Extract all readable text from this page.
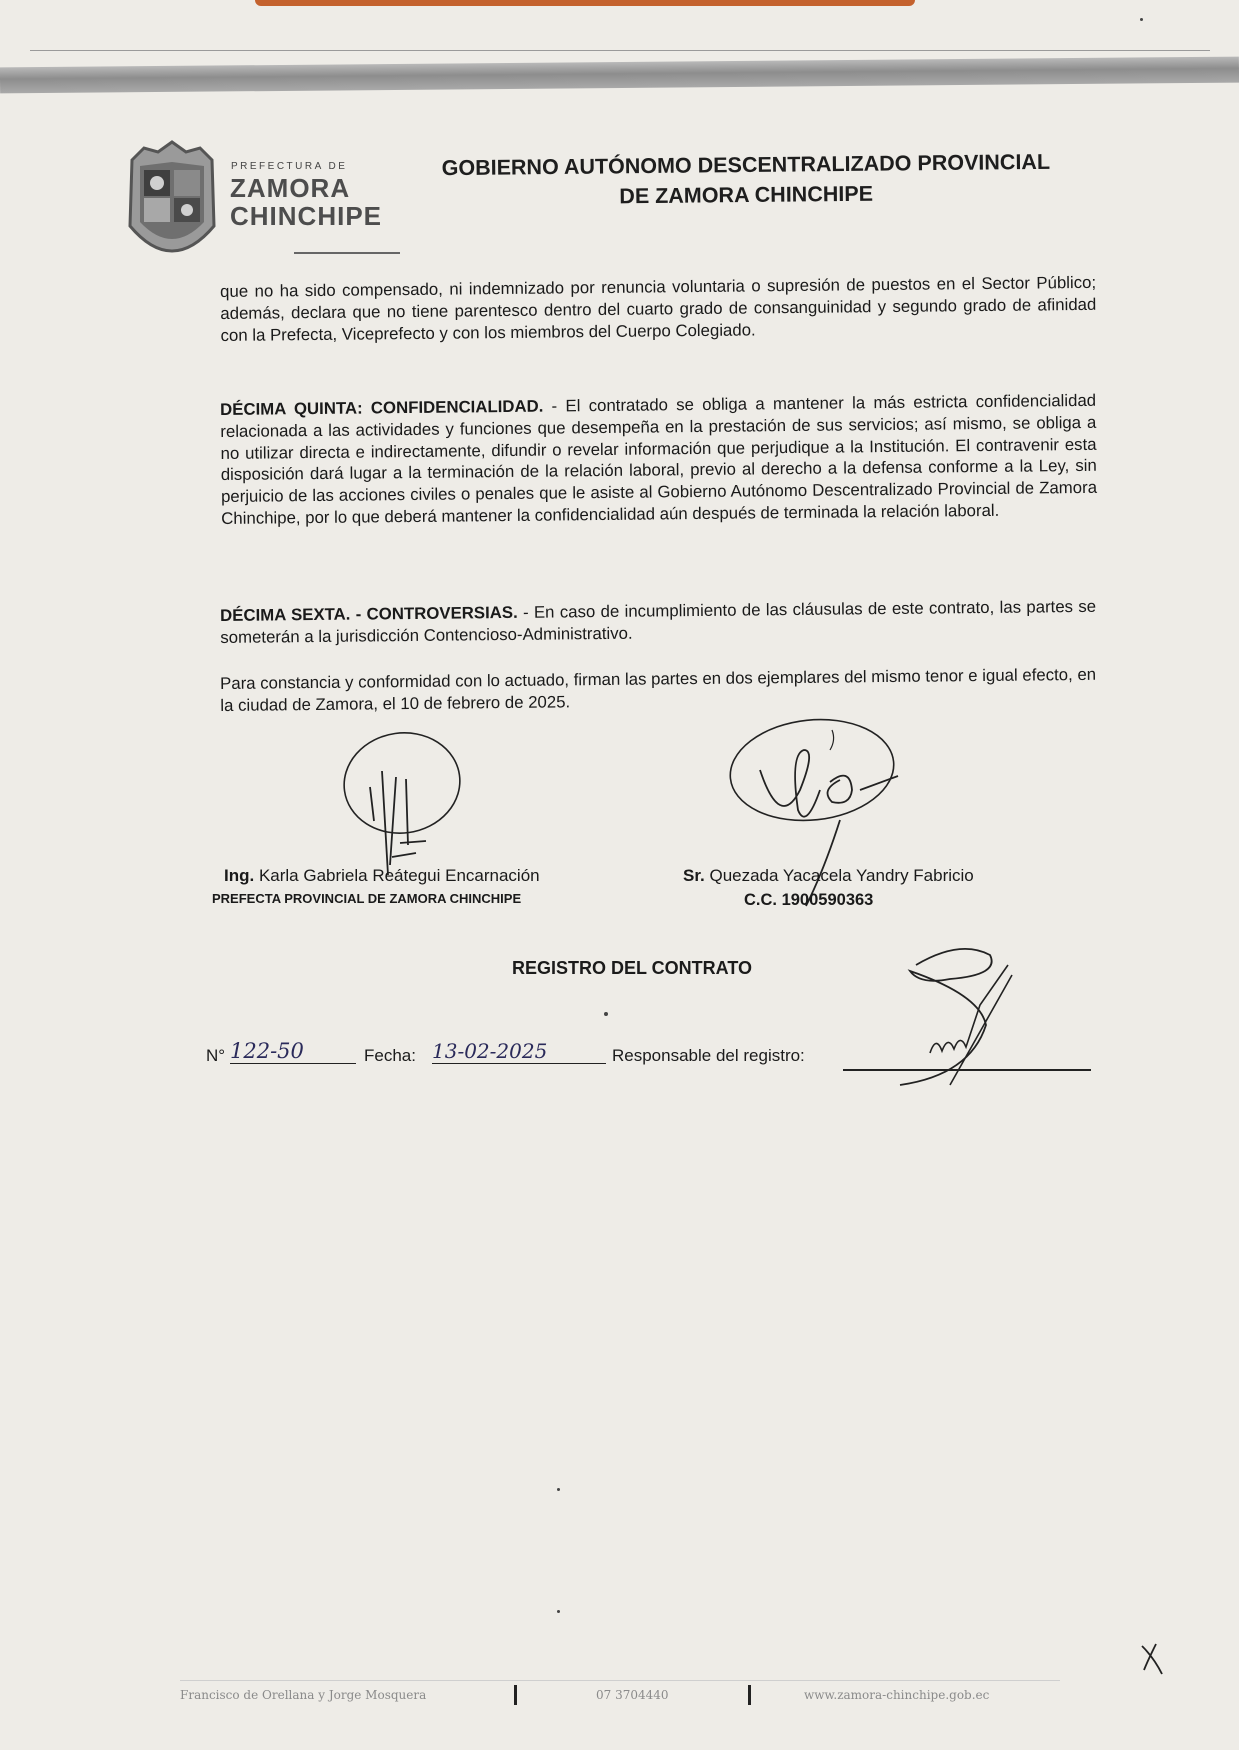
PREFECTURA DE
ZAMORA
CHINCHIPE
GOBIERNO AUTÓNOMO DESCENTRALIZADO PROVINCIAL
DE ZAMORA CHINCHIPE
que no ha sido compensado, ni indemnizado por renuncia voluntaria o supresión de puestos en el Sector Público; además, declara que no tiene parentesco dentro del cuarto grado de consanguinidad y segundo grado de afinidad con la Prefecta, Viceprefecto y con los miembros del Cuerpo Colegiado.
DÉCIMA QUINTA: CONFIDENCIALIDAD. - El contratado se obliga a mantener la más estricta confidencialidad relacionada a las actividades y funciones que desempeña en la prestación de sus servicios; así mismo, se obliga a no utilizar directa e indirectamente, difundir o revelar información que perjudique a la Institución. El contravenir esta disposición dará lugar a la terminación de la relación laboral, previo al derecho a la defensa conforme a la Ley, sin perjuicio de las acciones civiles o penales que le asiste al Gobierno Autónomo Descentralizado Provincial de Zamora Chinchipe, por lo que deberá mantener la confidencialidad aún después de terminada la relación laboral.
DÉCIMA SEXTA. - CONTROVERSIAS. - En caso de incumplimiento de las cláusulas de este contrato, las partes se someterán a la jurisdicción Contencioso-Administrativo.
Para constancia y conformidad con lo actuado, firman las partes en dos ejemplares del mismo tenor e igual efecto, en la ciudad de Zamora, el 10 de febrero de 2025.
Ing. Karla Gabriela Reátegui Encarnación
PREFECTA PROVINCIAL DE ZAMORA CHINCHIPE
Sr. Quezada Yacacela Yandry Fabricio
C.C. 1900590363
REGISTRO DEL CONTRATO
N° 122-50	Fecha: 13-02-2025	Responsable del registro:
Francisco de Orellana y Jorge Mosquera	07 3704440	www.zamora-chinchipe.gob.ec
